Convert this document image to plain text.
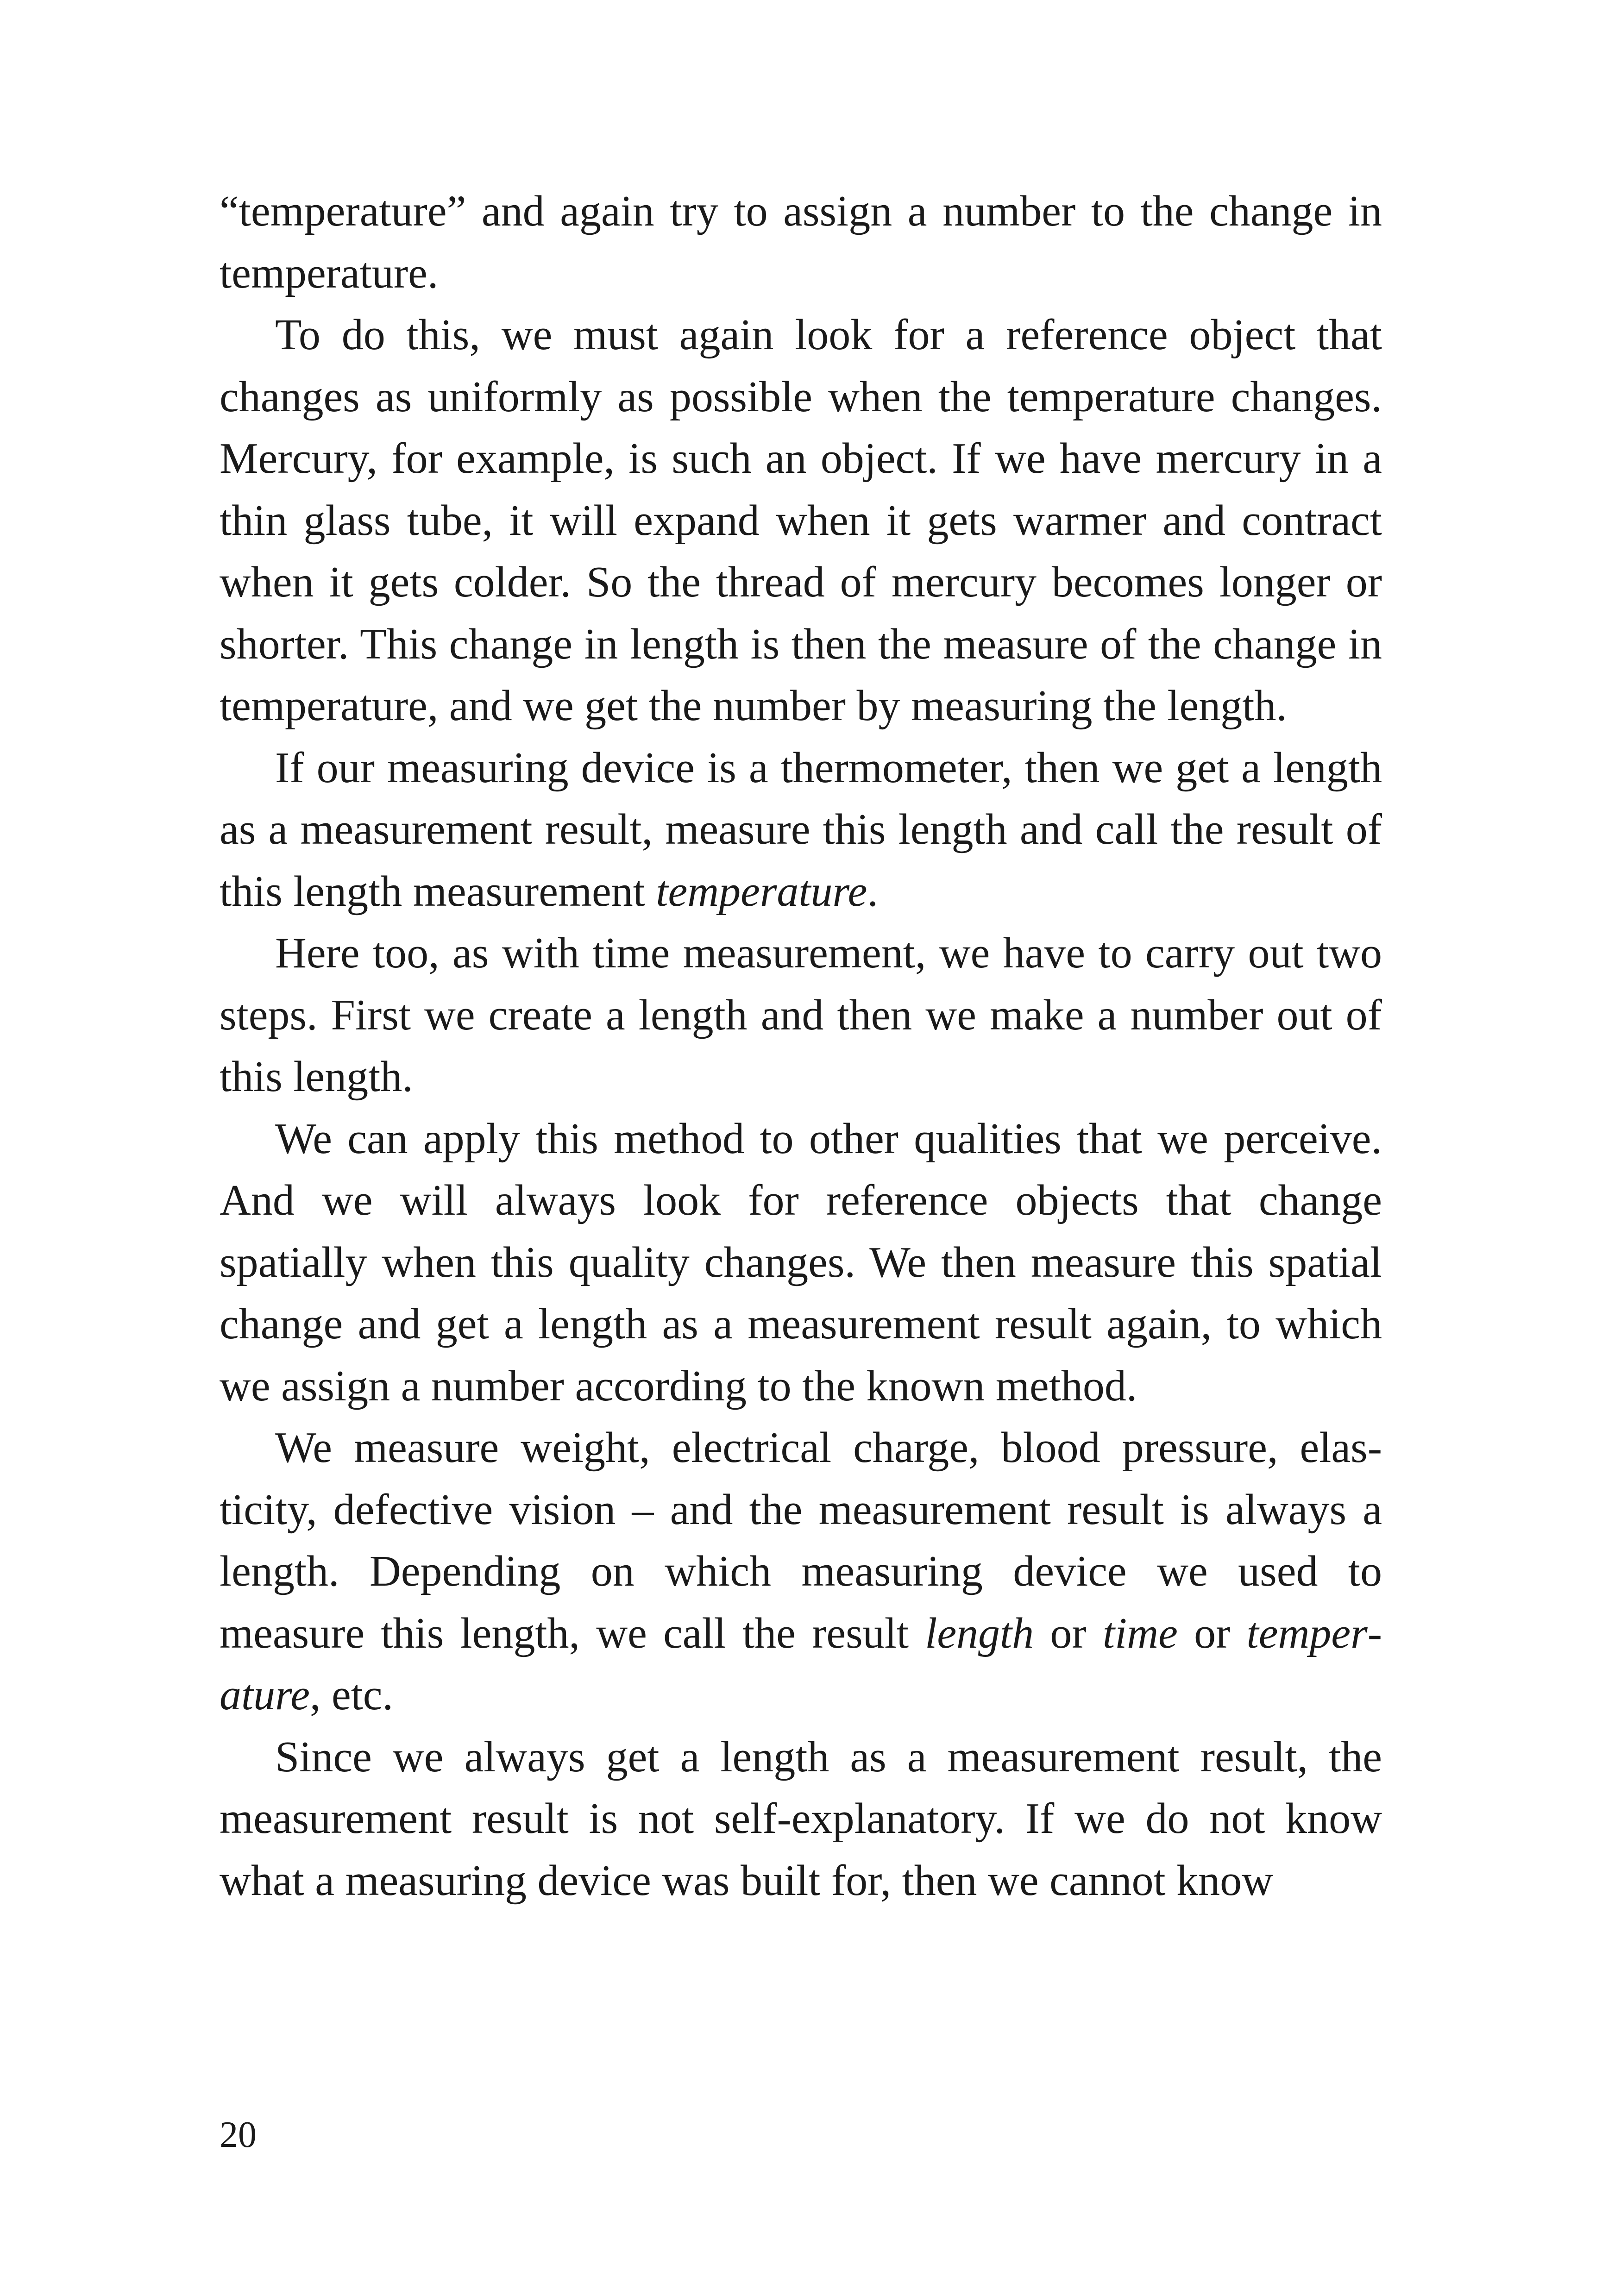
“temperature” and again try to assign a number to the change in temperature.

To do this, we must again look for a reference object that changes as uniformly as possible when the temperature changes. Mercury, for example, is such an object. If we have mercury in a thin glass tube, it will expand when it gets warmer and contract when it gets colder. So the thread of mercury becomes longer or shorter. This change in length is then the measure of the change in temperature, and we get the number by measuring the length.

If our measuring device is a thermometer, then we get a length as a measurement result, measure this length and call the result of this length measurement temperature.

Here too, as with time measurement, we have to carry out two steps. First we create a length and then we make a number out of this length.

We can apply this method to other qualities that we perceive. And we will always look for reference objects that change spatially when this quality changes. We then measure this spatial change and get a length as a measurement result again, to which we assign a number according to the known method.

We measure weight, electrical charge, blood pressure, elasticity, defective vision – and the measurement result is always a length. Depending on which measuring device we used to measure this length, we call the result length or time or temperature, etc.

Since we always get a length as a measurement result, the measurement result is not self-explanatory. If we do not know what a measuring device was built for, then we cannot know

20
